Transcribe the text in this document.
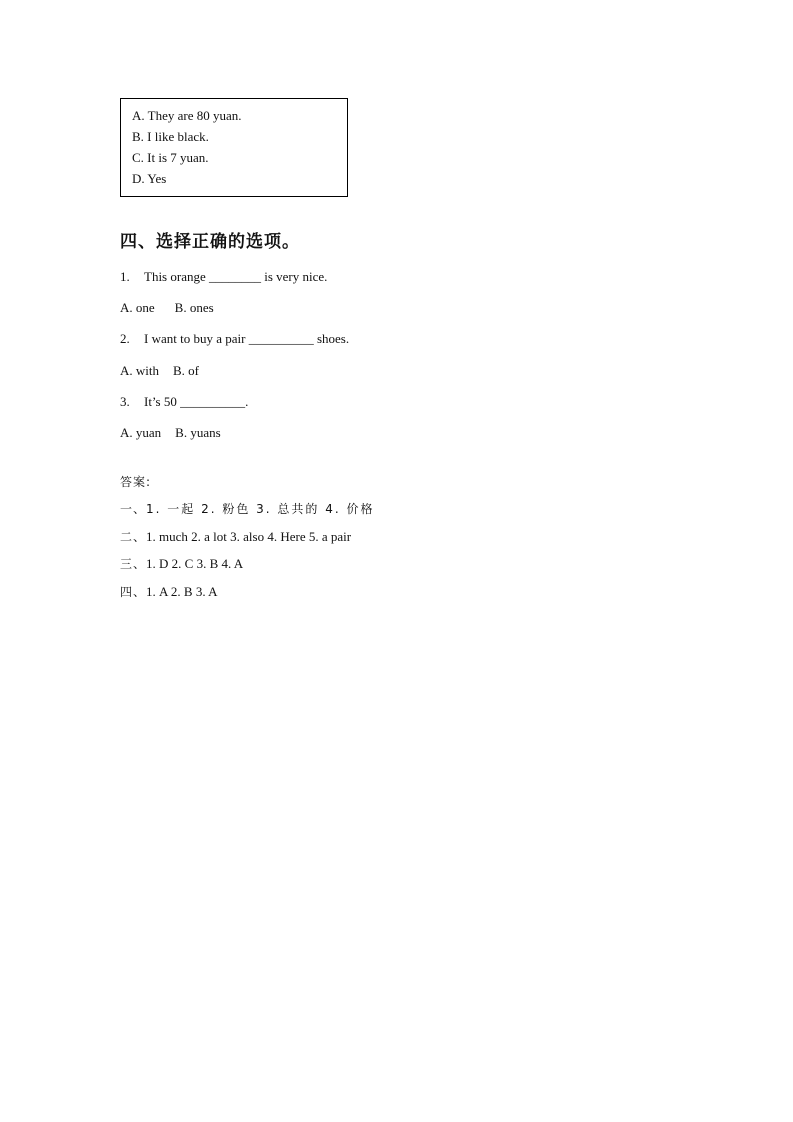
A. They are 80 yuan.
B. I like black.
C. It is 7 yuan.
D. Yes
四、选择正确的选项。
1. This orange ________ is very nice.
A. one B. ones
2. I want to buy a pair __________ shoes.
A. with B. of
3. It’s 50 __________.
A. yuan B. yuans
答案:
一、1. 一起 2. 粉色 3. 总共的 4. 价格
二、1. much 2. a lot 3. also 4. Here 5. a pair
三、1. D 2. C 3. B 4. A
四、1. A 2. B 3. A
